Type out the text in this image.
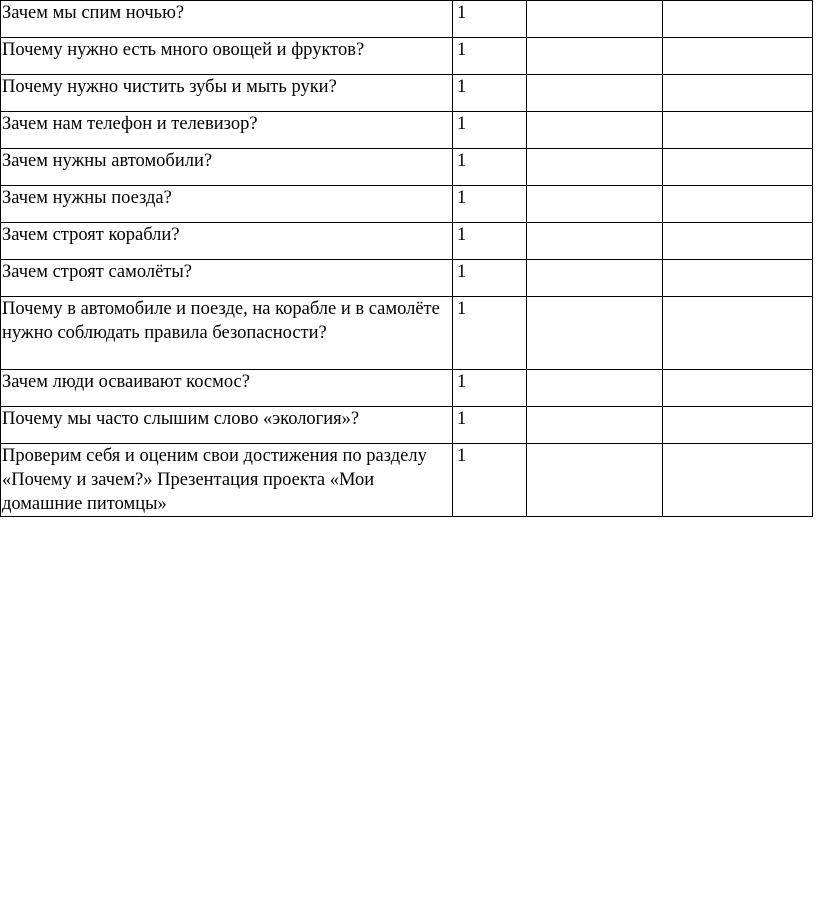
Зачем мы спим ночью?	1		
Почему нужно есть много овощей и фруктов?	1		
Почему нужно чистить зубы и мыть руки?	1		
Зачем нам телефон и телевизор?	1		
Зачем нужны автомобили?	1		
Зачем нужны поезда?	1		
Зачем строят корабли?	1		
Зачем строят самолёты?	1		
Почему в автомобиле и поезде, на корабле и в самолёте нужно соблюдать правила безопасности?	1		
Зачем люди осваивают космос?	1		
Почему мы часто слышим слово «экология»?	1		
Проверим себя и оценим свои достижения по разделу «Почему и зачем?» Презентация проекта «Мои домашние питомцы»	1		
